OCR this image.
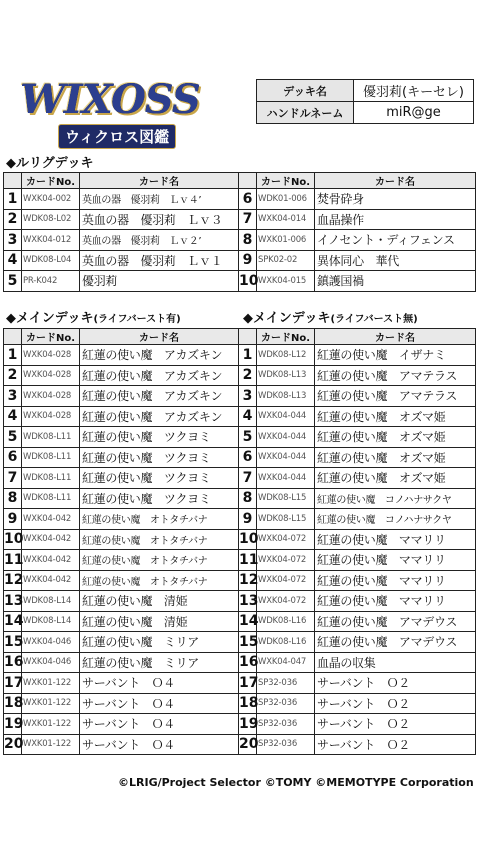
WIXOSS
ウィクロス図鑑
デッキ名	優羽莉(キーセレ)
ハンドルネーム	miR@ge
◆ルリグデッキ
	カードNo.	カード名		カードNo.	カード名
1	WXK04-002	英血の器　優羽莉　Ｌｖ４’	6	WDK01-006	焚骨砕身
2	WDK08-L02	英血の器　優羽莉　Ｌｖ３	7	WXK04-014	血晶操作
3	WXK04-012	英血の器　優羽莉　Ｌｖ２’	8	WXK01-006	イノセント・ディフェンス
4	WDK08-L04	英血の器　優羽莉　Ｌｖ１	9	SPK02-02	異体同心　華代
5	PR-K042	優羽莉	10	WXK04-015	鎮護国禍
◆メインデッキ(ライフバースト有)	◆メインデッキ(ライフバースト無)
	カードNo.	カード名		カードNo.	カード名
1	WXK04-028	紅蓮の使い魔　アカズキン	1	WDK08-L12	紅蓮の使い魔　イザナミ
2	WXK04-028	紅蓮の使い魔　アカズキン	2	WDK08-L13	紅蓮の使い魔　アマテラス
3	WXK04-028	紅蓮の使い魔　アカズキン	3	WDK08-L13	紅蓮の使い魔　アマテラス
4	WXK04-028	紅蓮の使い魔　アカズキン	4	WXK04-044	紅蓮の使い魔　オズマ姫
5	WDK08-L11	紅蓮の使い魔　ツクヨミ	5	WXK04-044	紅蓮の使い魔　オズマ姫
6	WDK08-L11	紅蓮の使い魔　ツクヨミ	6	WXK04-044	紅蓮の使い魔　オズマ姫
7	WDK08-L11	紅蓮の使い魔　ツクヨミ	7	WXK04-044	紅蓮の使い魔　オズマ姫
8	WDK08-L11	紅蓮の使い魔　ツクヨミ	8	WDK08-L15	紅蓮の使い魔　コノハナサクヤ
9	WXK04-042	紅蓮の使い魔　オトタチバナ	9	WDK08-L15	紅蓮の使い魔　コノハナサクヤ
10	WXK04-042	紅蓮の使い魔　オトタチバナ	10	WXK04-072	紅蓮の使い魔　ママリリ
11	WXK04-042	紅蓮の使い魔　オトタチバナ	11	WXK04-072	紅蓮の使い魔　ママリリ
12	WXK04-042	紅蓮の使い魔　オトタチバナ	12	WXK04-072	紅蓮の使い魔　ママリリ
13	WDK08-L14	紅蓮の使い魔　清姫	13	WXK04-072	紅蓮の使い魔　ママリリ
14	WDK08-L14	紅蓮の使い魔　清姫	14	WDK08-L16	紅蓮の使い魔　アマデウス
15	WXK04-046	紅蓮の使い魔　ミリア	15	WDK08-L16	紅蓮の使い魔　アマデウス
16	WXK04-046	紅蓮の使い魔　ミリア	16	WXK04-047	血晶の収集
17	WXK01-122	サーバント　Ｏ４	17	SP32-036	サーバント　Ｏ２
18	WXK01-122	サーバント　Ｏ４	18	SP32-036	サーバント　Ｏ２
19	WXK01-122	サーバント　Ｏ４	19	SP32-036	サーバント　Ｏ２
20	WXK01-122	サーバント　Ｏ４	20	SP32-036	サーバント　Ｏ２
©LRIG/Project Selector ©TOMY ©MEMOTYPE Corporation
